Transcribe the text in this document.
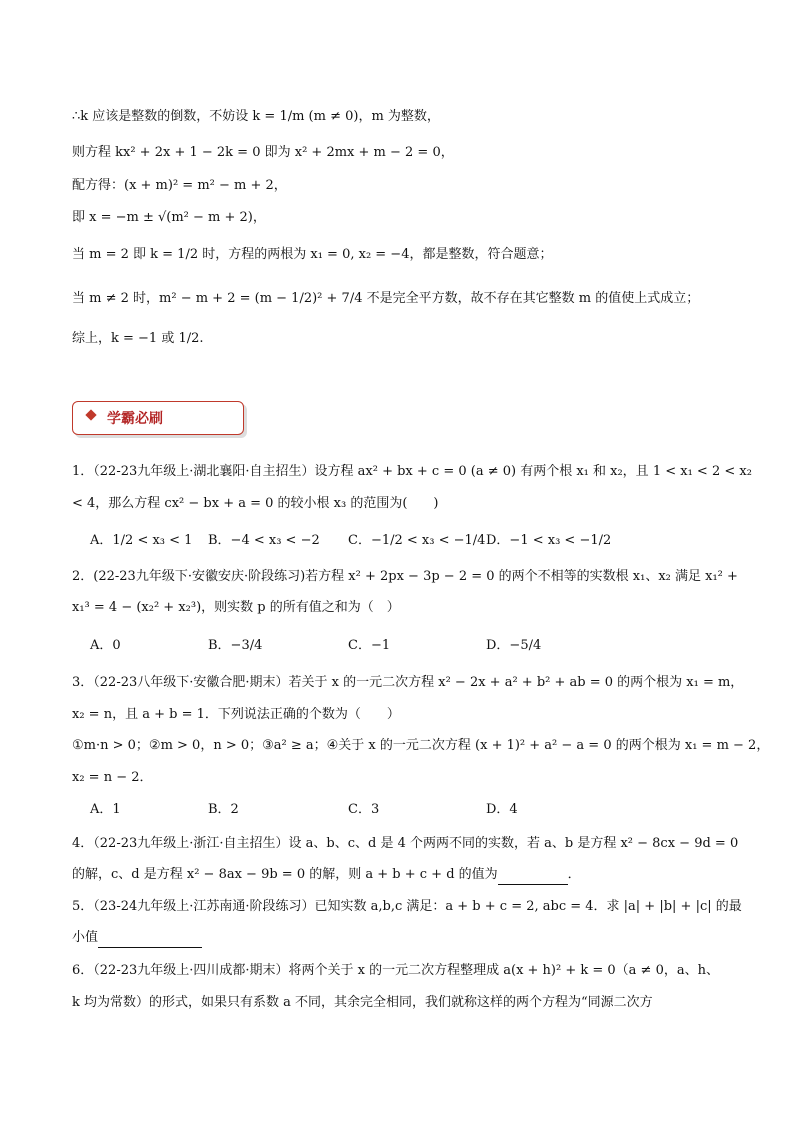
∴k 应该是整数的倒数，不妨设 k = 1/m (m ≠ 0)，m 为整数，
则方程 kx² + 2x + 1 − 2k = 0 即为 x² + 2mx + m − 2 = 0，
配方得：(x + m)² = m² − m + 2，
即 x = −m ± √(m² − m + 2)，
当 m = 2 即 k = 1/2 时，方程的两根为 x₁ = 0, x₂ = −4，都是整数，符合题意；
当 m ≠ 2 时，m² − m + 2 = (m − 1/2)² + 7/4 不是完全平方数，故不存在其它整数 m 的值使上式成立；
综上，k = −1 或 1/2.
学霸必刷
1．（22-23九年级上·湖北襄阳·自主招生）设方程 ax² + bx + c = 0 (a ≠ 0) 有两个根 x₁ 和 x₂，且 1 < x₁ < 2 < x₂
< 4，那么方程 cx² − bx + a = 0 的较小根 x₃ 的范围为(　　)
A．1/2 < x₃ < 1 B．−4 < x₃ < −2 C．−1/2 < x₃ < −1/4 D．−1 < x₃ < −1/2
2．(22-23九年级下·安徽安庆·阶段练习)若方程 x² + 2px − 3p − 2 = 0 的两个不相等的实数根 x₁、x₂ 满足 x₁² +
x₁³ = 4 − (x₂² + x₂³)，则实数 p 的所有值之和为（　）
A．0	B．−3/4	C．−1	D．−5/4
3．（22-23八年级下·安徽合肥·期末）若关于 x 的一元二次方程 x² − 2x + a² + b² + ab = 0 的两个根为 x₁ = m，
x₂ = n，且 a + b = 1．下列说法正确的个数为（　　）
①m·n > 0；②m > 0，n > 0；③a² ≥ a；④关于 x 的一元二次方程 (x + 1)² + a² − a = 0 的两个根为 x₁ = m − 2，
x₂ = n − 2．
A．1	B．2	C．3	D．4
4．（22-23九年级上·浙江·自主招生）设 a、b、c、d 是 4 个两两不同的实数，若 a、b 是方程 x² − 8cx − 9d = 0
的解，c、d 是方程 x² − 8ax − 9b = 0 的解，则 a + b + c + d 的值为	．
5．（23-24九年级上·江苏南通·阶段练习）已知实数 a,b,c 满足：a + b + c = 2, abc = 4．求 |a| + |b| + |c| 的最
小值
6．（22-23九年级上·四川成都·期末）将两个关于 x 的一元二次方程整理成 a(x + h)² + k = 0（a ≠ 0，a、h、
k 均为常数）的形式，如果只有系数 a 不同，其余完全相同，我们就称这样的两个方程为“同源二次方
